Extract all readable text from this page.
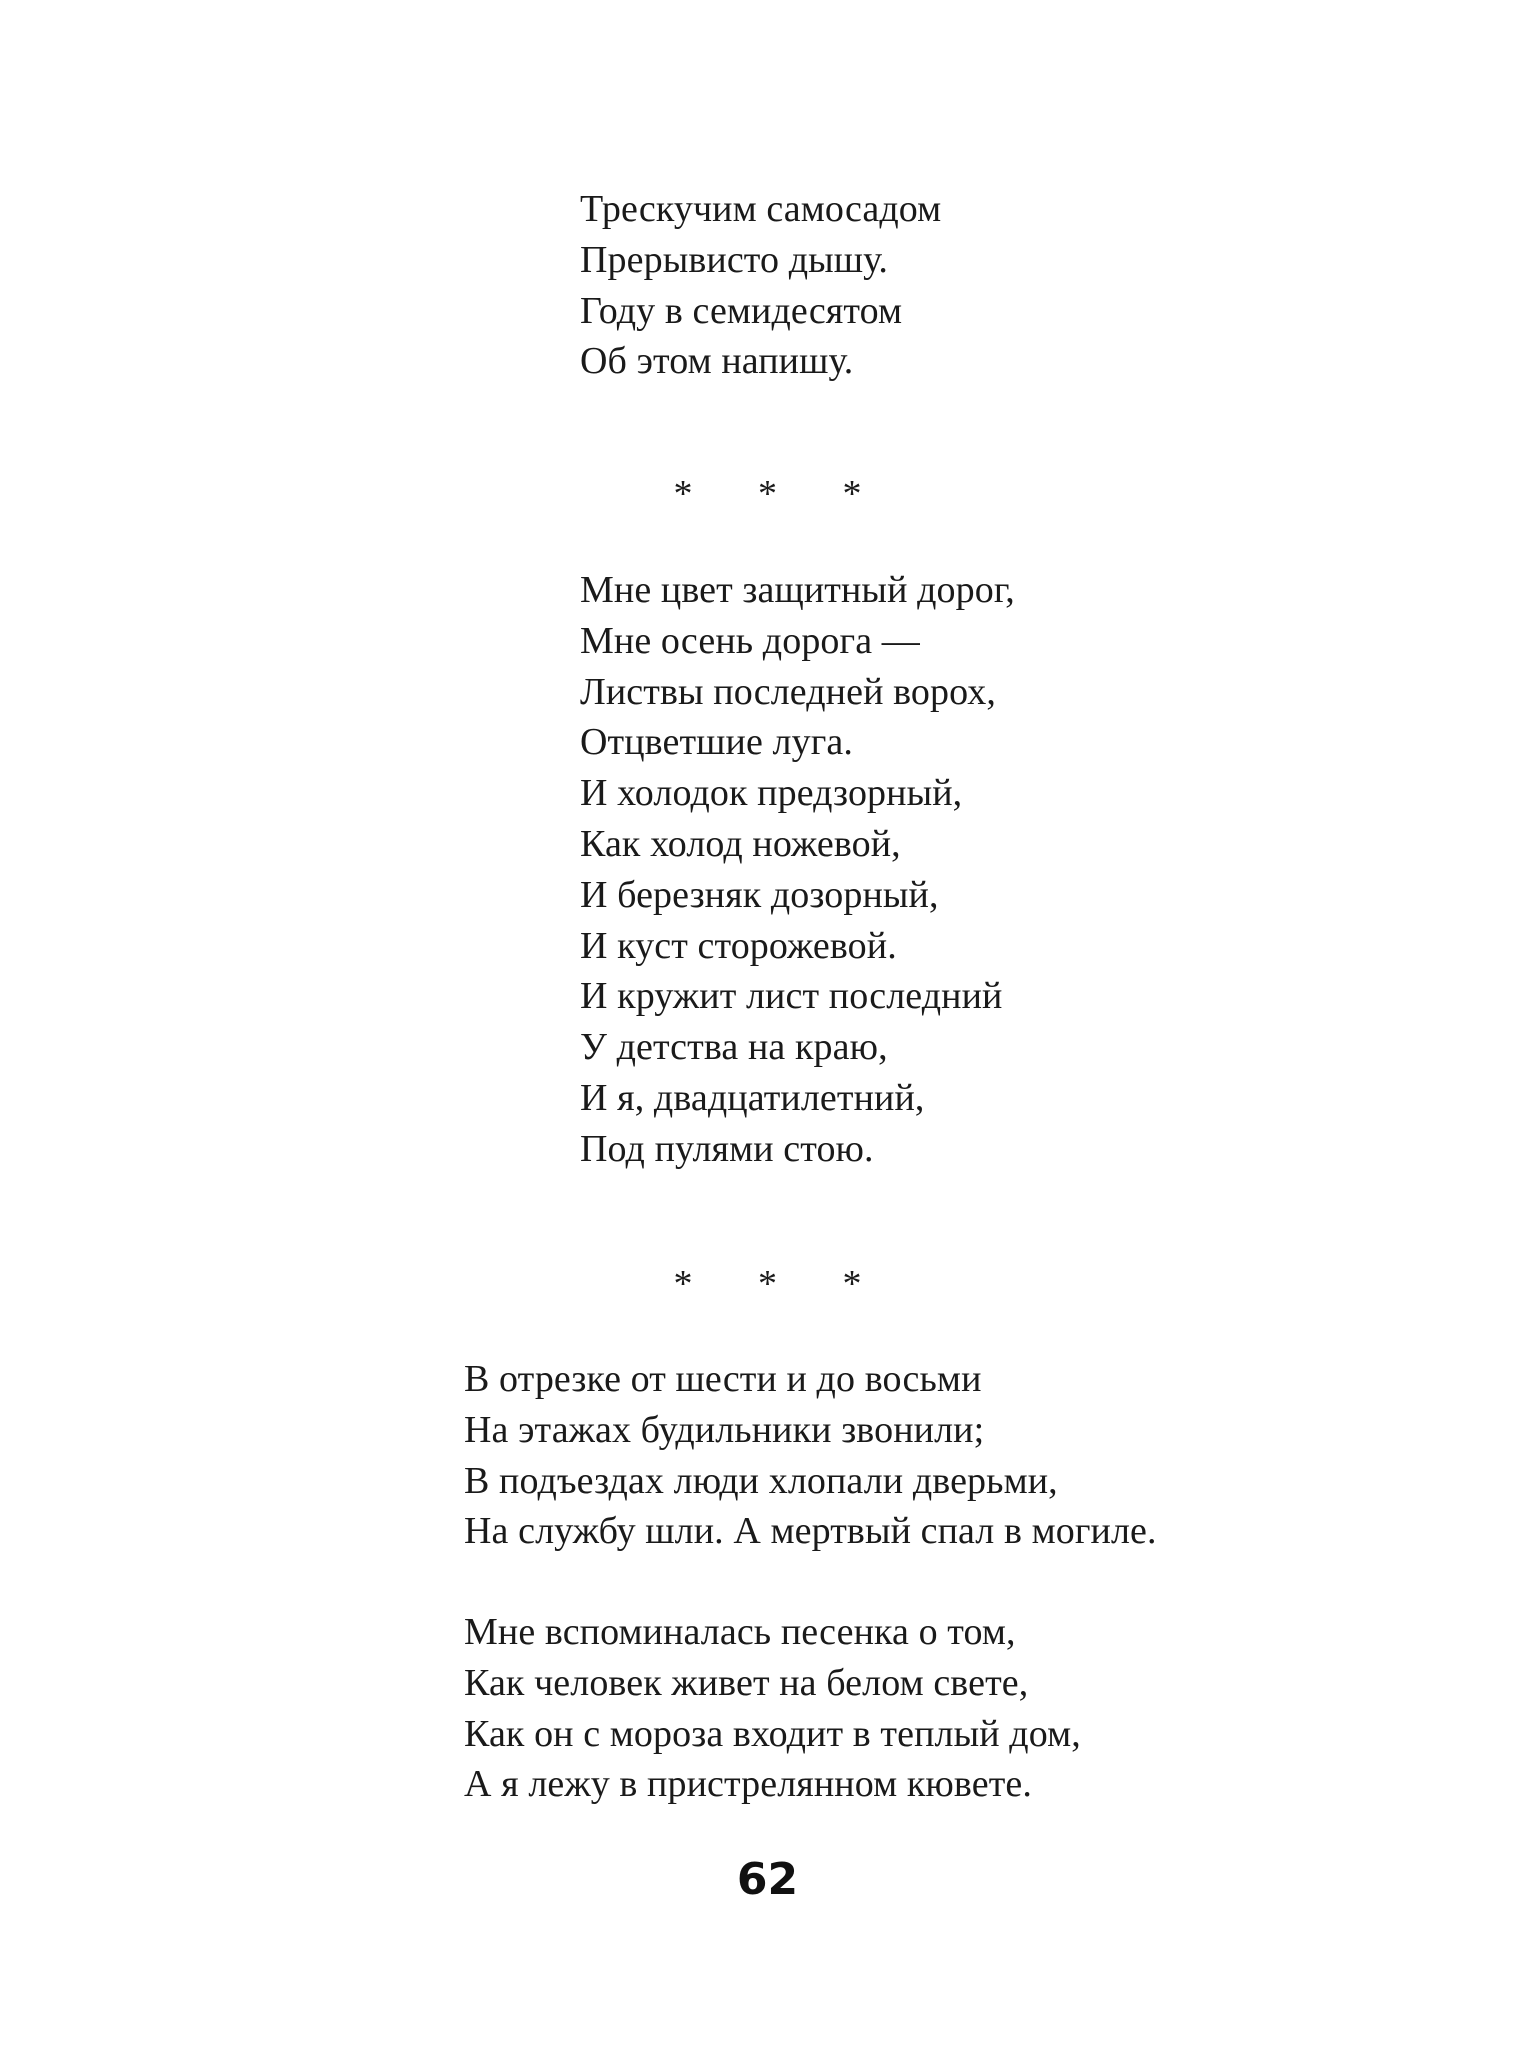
Трескучим самосадом
Прерывисто дышу.
Году в семидесятом
Об этом напишу.
* * *
Мне цвет защитный дорог,
Мне осень дорога —
Листвы последней ворох,
Отцветшие луга.
И холодок предзорный,
Как холод ножевой,
И березняк дозорный,
И куст сторожевой.
И кружит лист последний
У детства на краю,
И я, двадцатилетний,
Под пулями стою.
* * *
В отрезке от шести и до восьми
На этажах будильники звонили;
В подъездах люди хлопали дверьми,
На службу шли. А мертвый спал в могиле.
Мне вспоминалась песенка о том,
Как человек живет на белом свете,
Как он с мороза входит в теплый дом,
А я лежу в пристрелянном кювете.
62
